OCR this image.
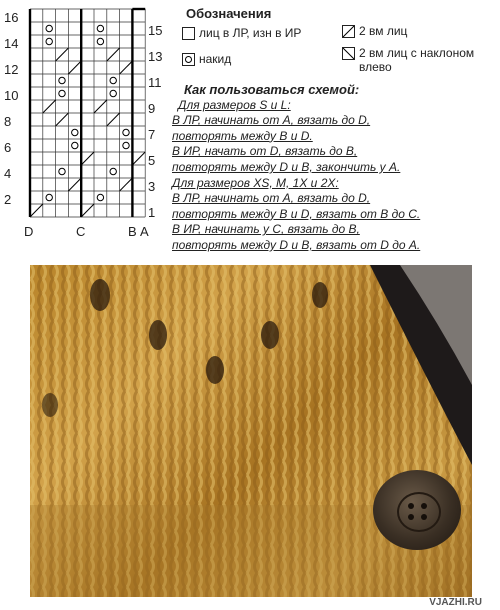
16
14
12
10
8
6
4
2
15
13
11
9
7
5
3
1
D	C	B A
Обозначения
лиц в ЛР, изн в ИР	2 вм лиц
накид	2 вм лиц с наклоном влево
Как пользоваться схемой:
Для размеров S и L:
В ЛР, начинать от А, вязать до D,
повторять между В и D.
В ИР, начать от D, вязать до В,
повторять между D и В, закончить у А.
Для размеров XS, М, 1X и 2X:
В ЛР, начинать от А, вязать до D,
повторять между В и D, вязать от В до С.
В ИР, начинать у С, вязать до В,
повторять между D и В, вязать от D до А.
VJAZHI.RU
